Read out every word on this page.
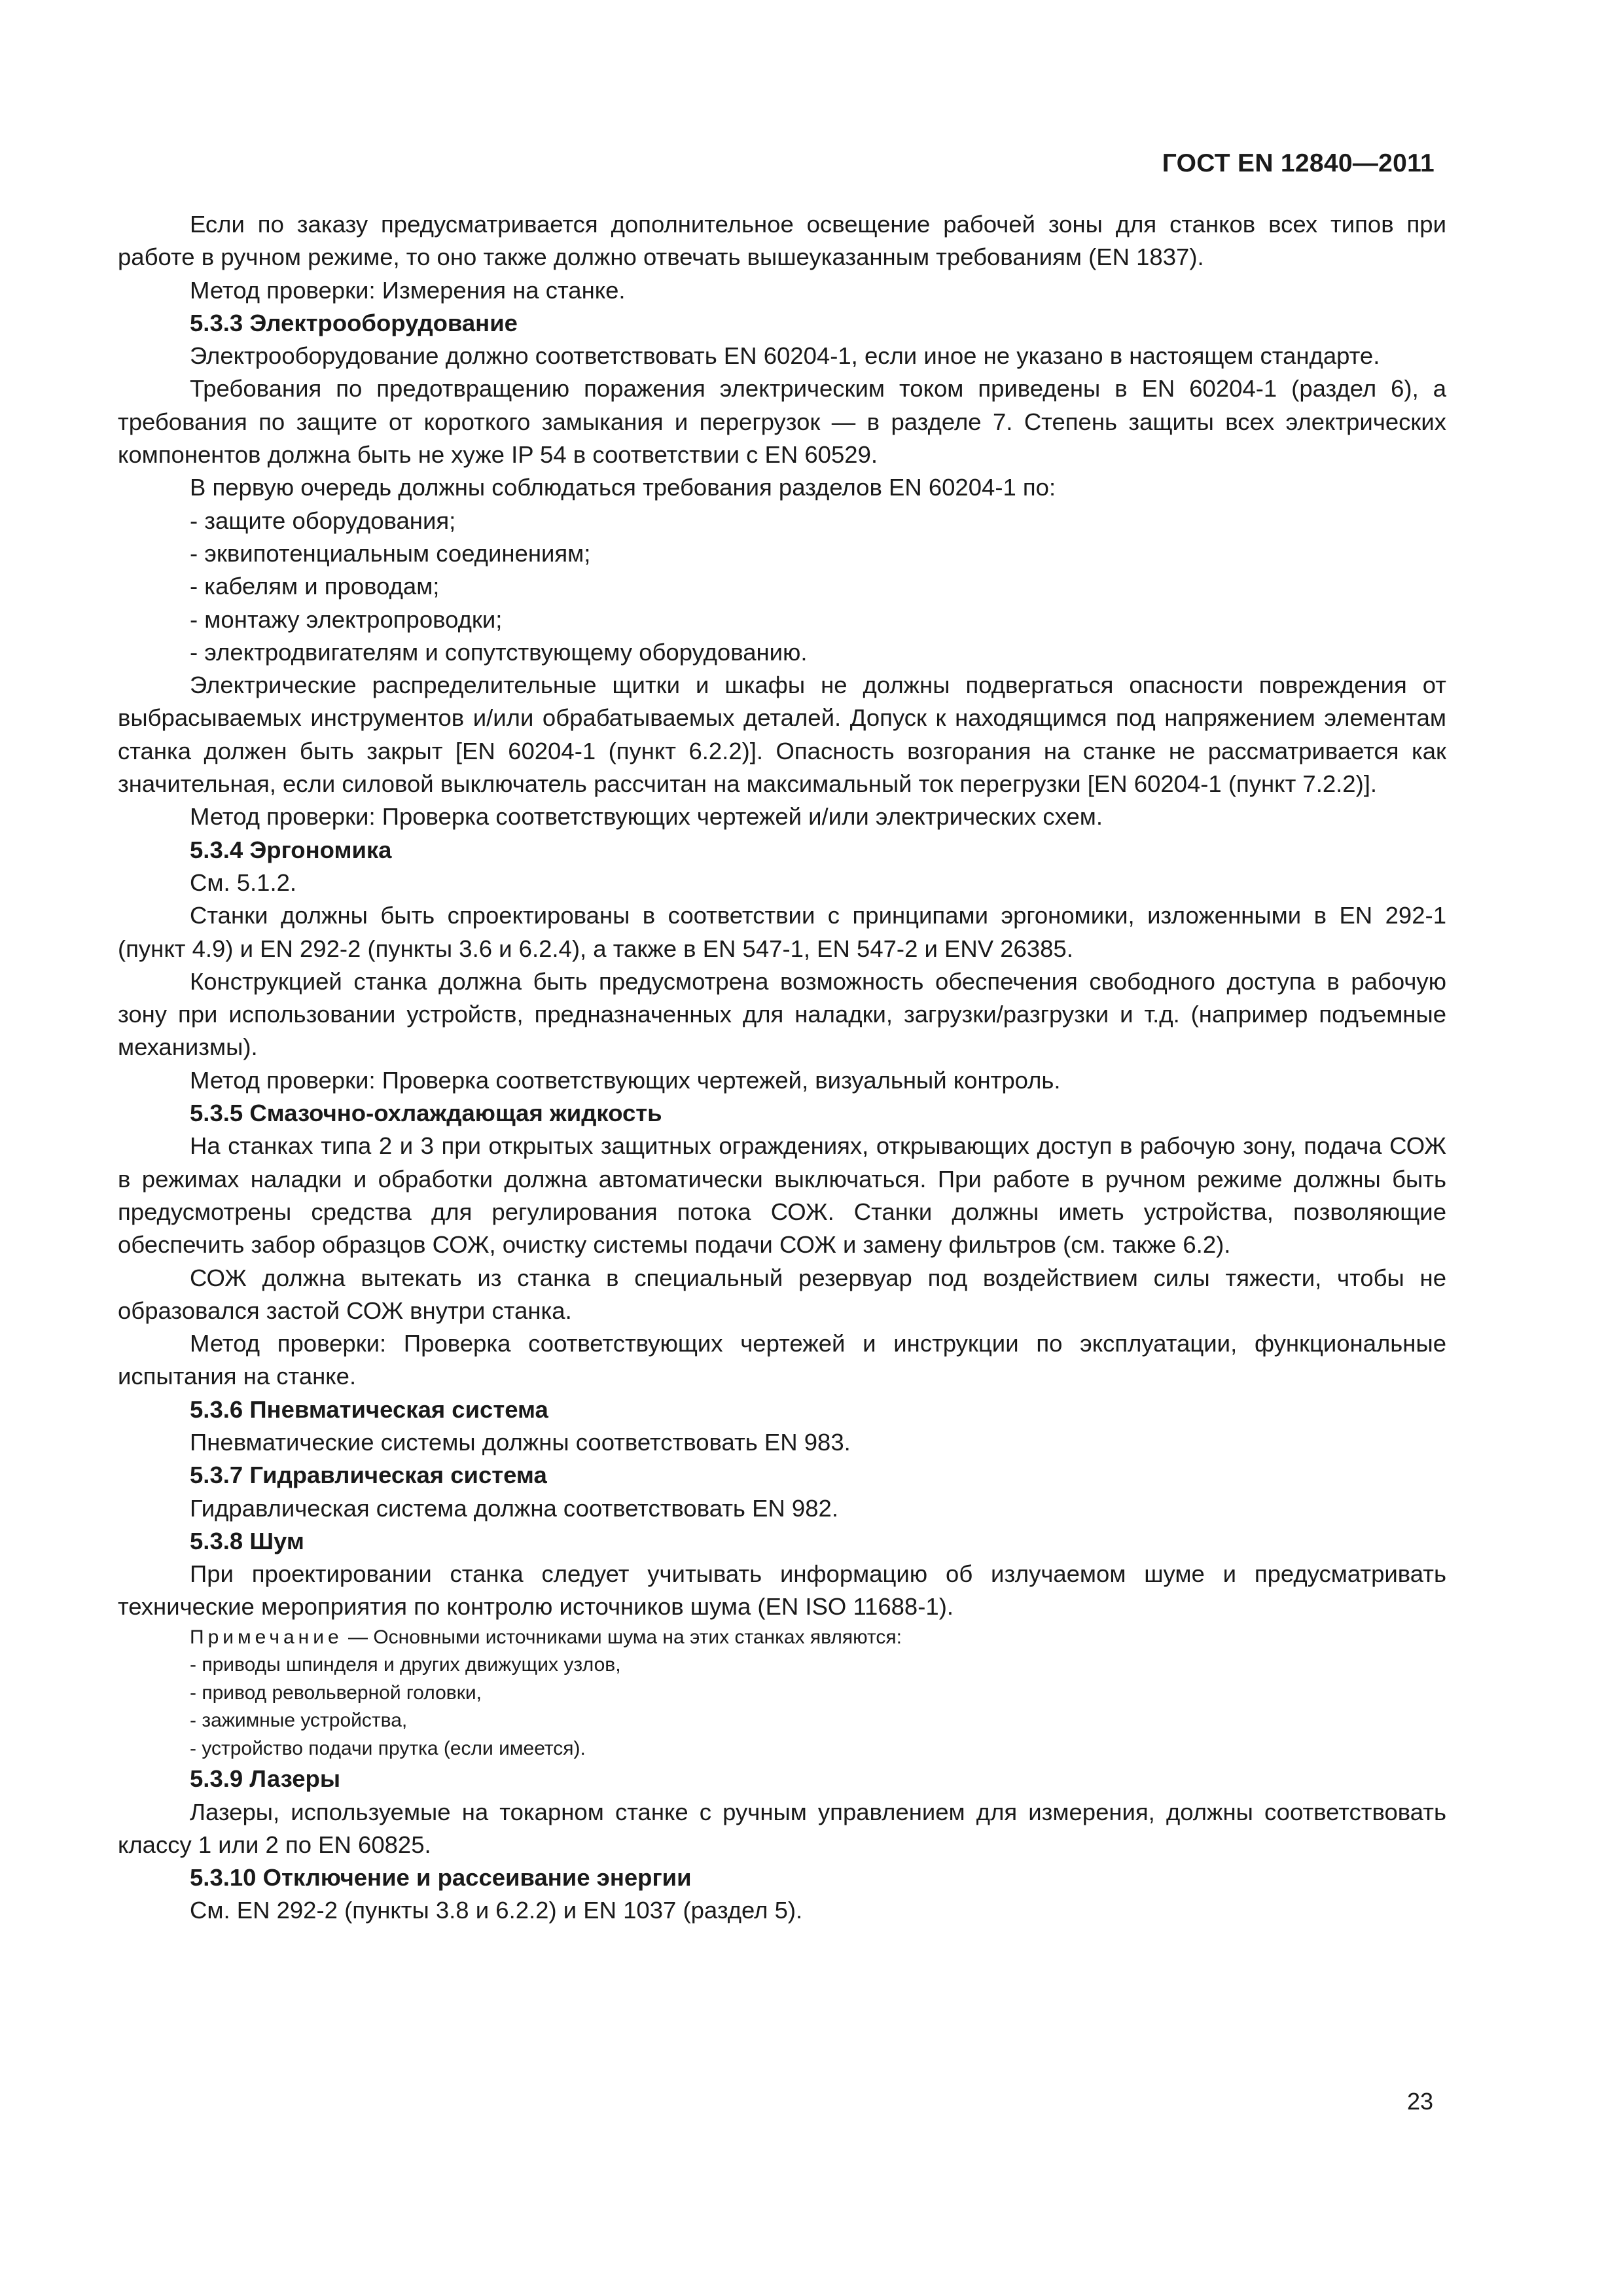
ГОСТ EN 12840—2011

Если по заказу предусматривается дополнительное освещение рабочей зоны для станков всех типов при работе в ручном режиме, то оно также должно отвечать вышеуказанным требованиям (EN 1837).

Метод проверки: Измерения на станке.

5.3.3 Электрооборудование

Электрооборудование должно соответствовать EN 60204-1, если иное не указано в настоящем стандарте.

Требования по предотвращению поражения электрическим током приведены в EN 60204-1 (раздел 6), а требования по защите от короткого замыкания и перегрузок — в разделе 7. Степень защиты всех электрических компонентов должна быть не хуже IP 54 в соответствии с EN 60529.

В первую очередь должны соблюдаться требования разделов EN 60204-1 по:

- защите оборудования;

- эквипотенциальным соединениям;

- кабелям и проводам;

- монтажу электропроводки;

- электродвигателям и сопутствующему оборудованию.

Электрические распределительные щитки и шкафы не должны подвергаться опасности повреждения от выбрасываемых инструментов и/или обрабатываемых деталей. Допуск к находящимся под напряжением элементам станка должен быть закрыт [EN 60204-1 (пункт 6.2.2)]. Опасность возгорания на станке не рассматривается как значительная, если силовой выключатель рассчитан на максимальный ток перегрузки [EN 60204-1 (пункт 7.2.2)].

Метод проверки: Проверка соответствующих чертежей и/или электрических схем.

5.3.4 Эргономика

См. 5.1.2.

Станки должны быть спроектированы в соответствии с принципами эргономики, изложенными в EN 292-1 (пункт 4.9) и EN 292-2 (пункты 3.6 и 6.2.4), а также в EN 547-1, EN 547-2 и ENV 26385.

Конструкцией станка должна быть предусмотрена возможность обеспечения свободного доступа в рабочую зону при использовании устройств, предназначенных для наладки, загрузки/разгрузки и т.д. (например подъемные механизмы).

Метод проверки: Проверка соответствующих чертежей, визуальный контроль.

5.3.5 Смазочно-охлаждающая жидкость

На станках типа 2 и 3 при открытых защитных ограждениях, открывающих доступ в рабочую зону, подача СОЖ в режимах наладки и обработки должна автоматически выключаться. При работе в ручном режиме должны быть предусмотрены средства для регулирования потока СОЖ. Станки должны иметь устройства, позволяющие обеспечить забор образцов СОЖ, очистку системы подачи СОЖ и замену фильтров (см. также 6.2).

СОЖ должна вытекать из станка в специальный резервуар под воздействием силы тяжести, чтобы не образовался застой СОЖ внутри станка.

Метод проверки: Проверка соответствующих чертежей и инструкции по эксплуатации, функциональные испытания на станке.

5.3.6 Пневматическая система

Пневматические системы должны соответствовать EN 983.

5.3.7 Гидравлическая система

Гидравлическая система должна соответствовать EN 982.

5.3.8 Шум

При проектировании станка следует учитывать информацию об излучаемом шуме и предусматривать технические мероприятия по контролю источников шума (EN ISO 11688-1).

Примечание — Основными источниками шума на этих станках являются:

- приводы шпинделя и других движущих узлов,

- привод револьверной головки,

- зажимные устройства,

- устройство подачи прутка (если имеется).

5.3.9 Лазеры

Лазеры, используемые на токарном станке с ручным управлением для измерения, должны соответствовать классу 1 или 2 по EN 60825.

5.3.10 Отключение и рассеивание энергии

См. EN 292-2 (пункты 3.8 и 6.2.2) и EN 1037 (раздел 5).

23
